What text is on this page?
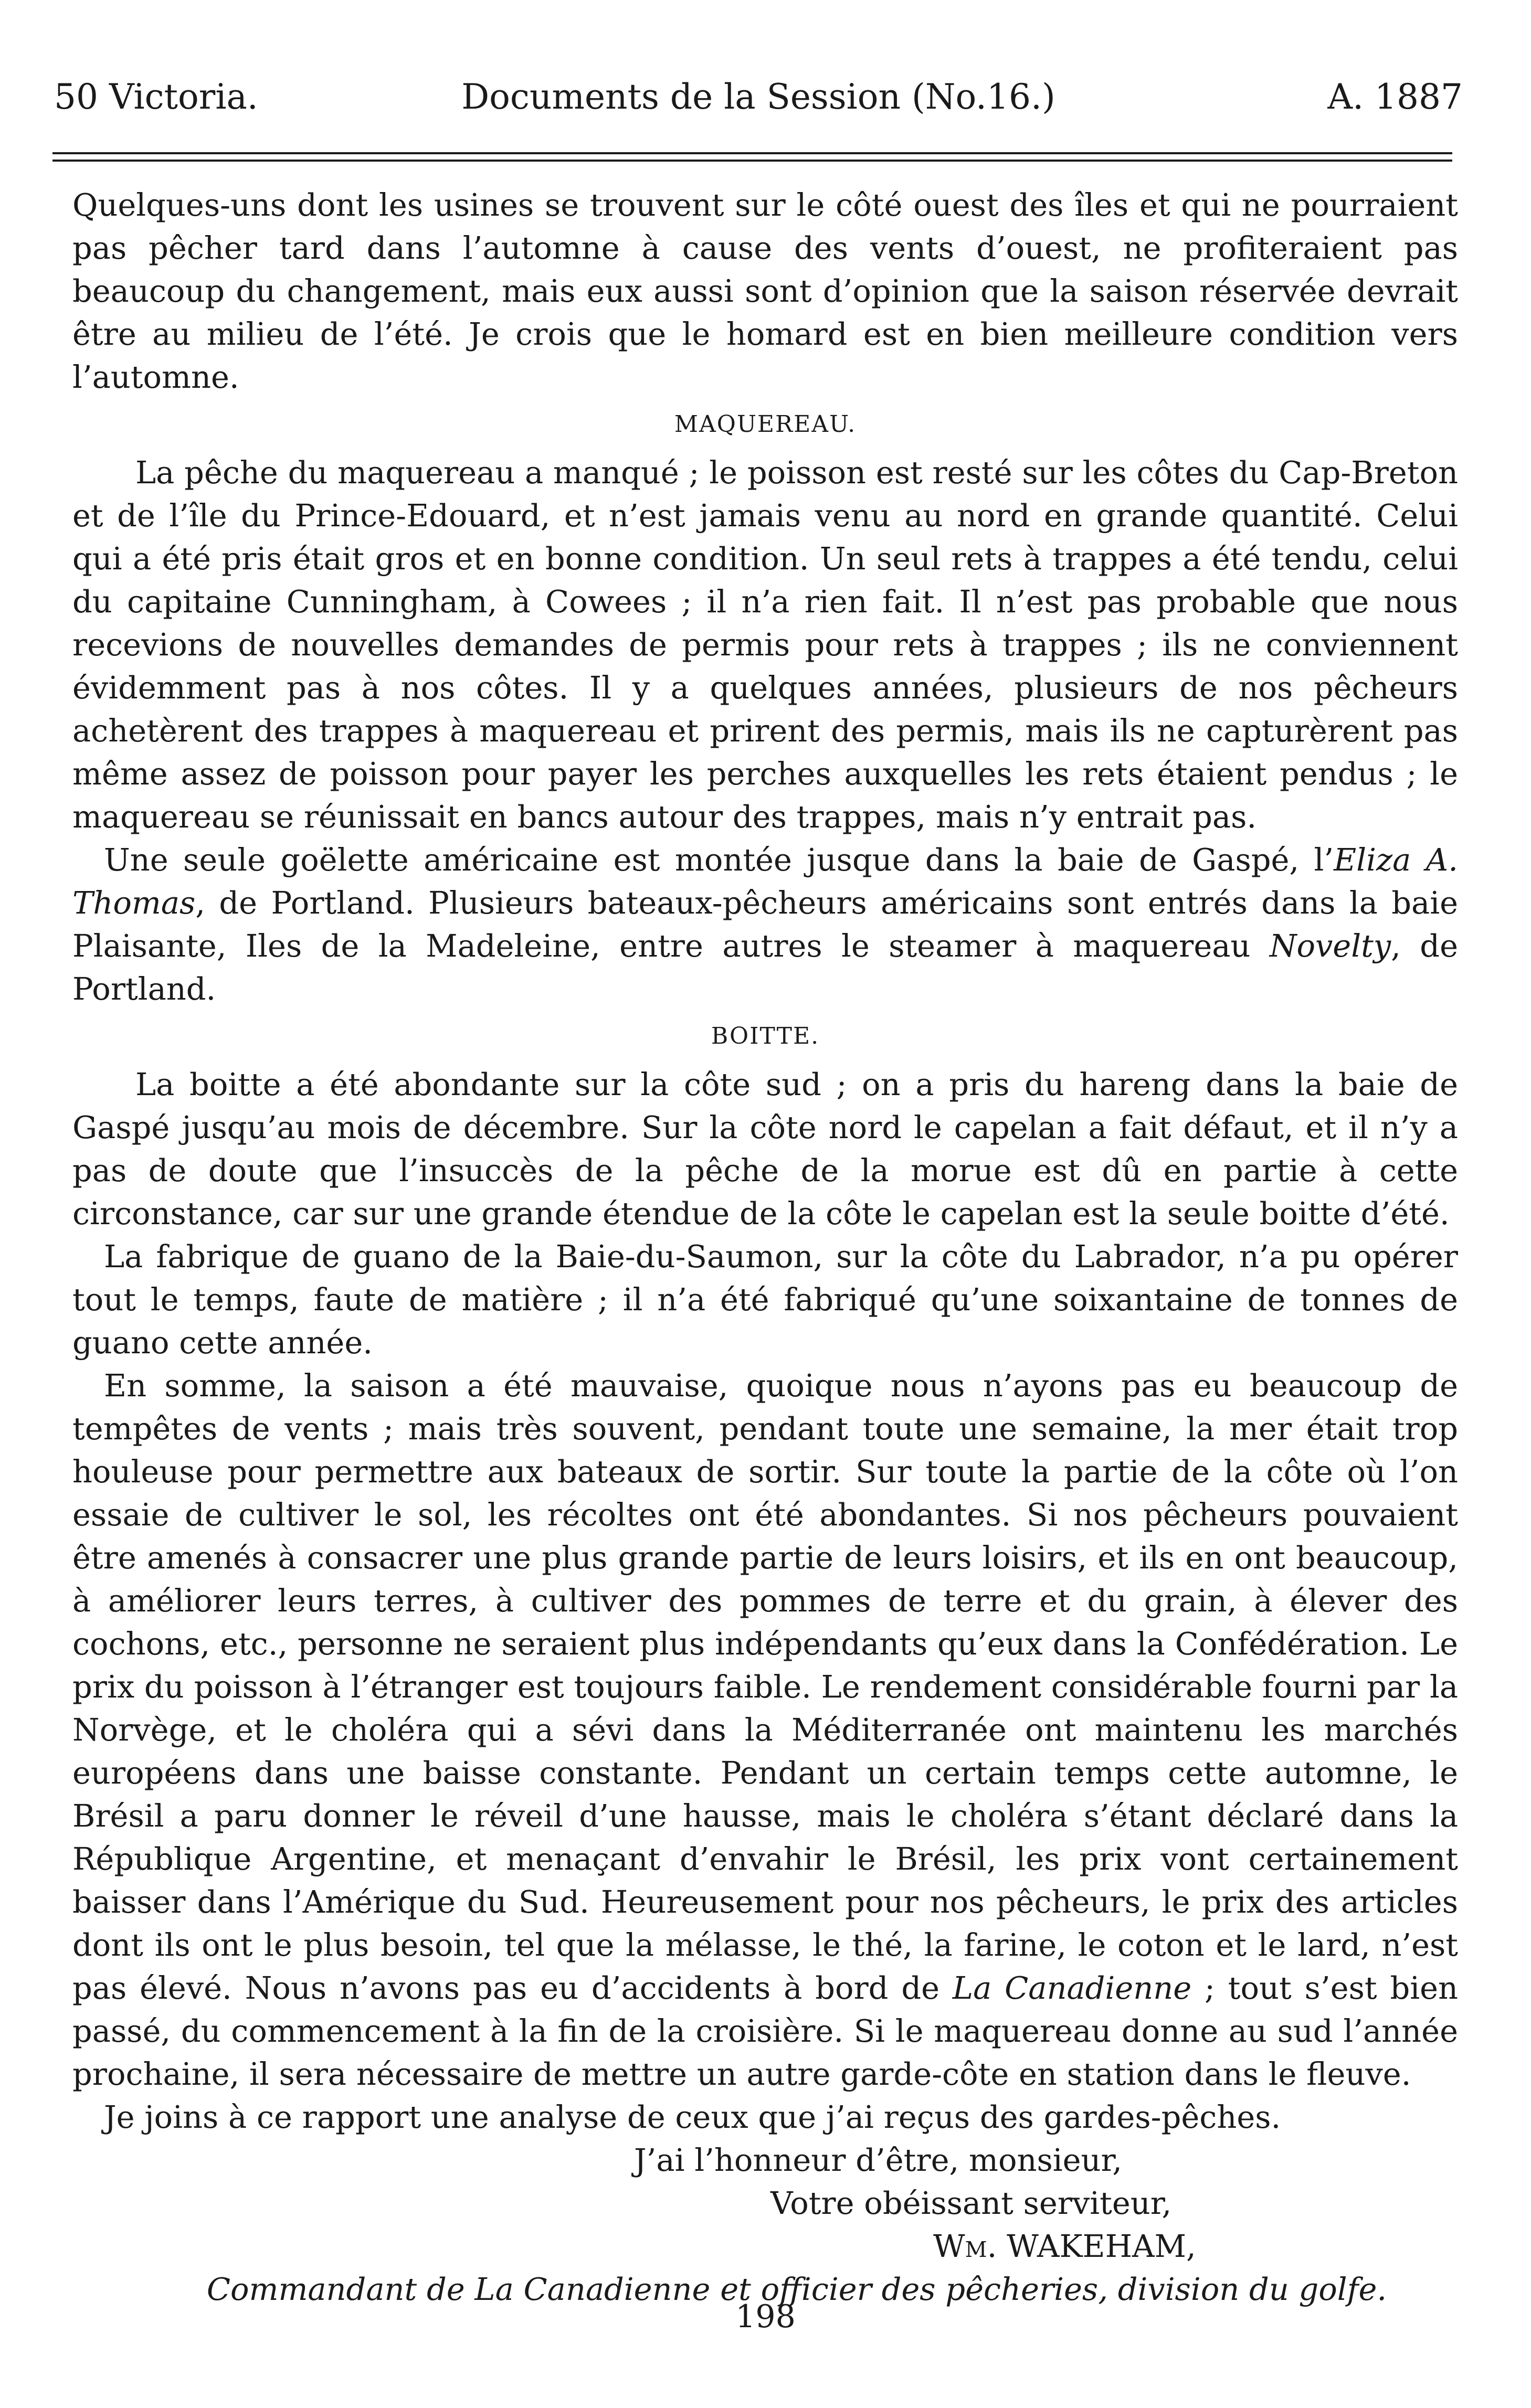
50 Victoria.	Documents de la Session (No.16.)	A. 1887

Quelques-uns dont les usines se trouvent sur le côté ouest des îles et qui ne pourraient pas pêcher tard dans l’automne à cause des vents d’ouest, ne profiteraient pas beaucoup du changement, mais eux aussi sont d’opinion que la saison réservée devrait être au milieu de l’été. Je crois que le homard est en bien meilleure condition vers l’automne.

MAQUEREAU.

La pêche du maquereau a manqué ; le poisson est resté sur les côtes du Cap-Breton et de l’île du Prince-Edouard, et n’est jamais venu au nord en grande quantité. Celui qui a été pris était gros et en bonne condition. Un seul rets à trappes a été tendu, celui du capitaine Cunningham, à Cowees ; il n’a rien fait. Il n’est pas probable que nous recevions de nouvelles demandes de permis pour rets à trappes ; ils ne conviennent évidemment pas à nos côtes. Il y a quelques années, plusieurs de nos pêcheurs achetèrent des trappes à maquereau et prirent des permis, mais ils ne capturèrent pas même assez de poisson pour payer les perches auxquelles les rets étaient pendus ; le maquereau se réunissait en bancs autour des trappes, mais n’y entrait pas.

Une seule goëlette américaine est montée jusque dans la baie de Gaspé, l’Eliza A. Thomas, de Portland. Plusieurs bateaux-pêcheurs américains sont entrés dans la baie Plaisante, Iles de la Madeleine, entre autres le steamer à maquereau Novelty, de Portland.

BOITTE.

La boitte a été abondante sur la côte sud ; on a pris du hareng dans la baie de Gaspé jusqu’au mois de décembre. Sur la côte nord le capelan a fait défaut, et il n’y a pas de doute que l’insuccès de la pêche de la morue est dû en partie à cette circonstance, car sur une grande étendue de la côte le capelan est la seule boitte d’été.

La fabrique de guano de la Baie-du-Saumon, sur la côte du Labrador, n’a pu opérer tout le temps, faute de matière ; il n’a été fabriqué qu’une soixantaine de tonnes de guano cette année.

En somme, la saison a été mauvaise, quoique nous n’ayons pas eu beaucoup de tempêtes de vents ; mais très souvent, pendant toute une semaine, la mer était trop houleuse pour permettre aux bateaux de sortir. Sur toute la partie de la côte où l’on essaie de cultiver le sol, les récoltes ont été abondantes. Si nos pêcheurs pouvaient être amenés à consacrer une plus grande partie de leurs loisirs, et ils en ont beaucoup, à améliorer leurs terres, à cultiver des pommes de terre et du grain, à élever des cochons, etc., personne ne seraient plus indépendants qu’eux dans la Confédération. Le prix du poisson à l’étranger est toujours faible. Le rendement considérable fourni par la Norvège, et le choléra qui a sévi dans la Méditerranée ont maintenu les marchés européens dans une baisse constante. Pendant un certain temps cette automne, le Brésil a paru donner le réveil d’une hausse, mais le choléra s’étant déclaré dans la République Argentine, et menaçant d’envahir le Brésil, les prix vont certainement baisser dans l’Amérique du Sud. Heureusement pour nos pêcheurs, le prix des articles dont ils ont le plus besoin, tel que la mélasse, le thé, la farine, le coton et le lard, n’est pas élevé. Nous n’avons pas eu d’accidents à bord de La Canadienne ; tout s’est bien passé, du commencement à la fin de la croisière. Si le maquereau donne au sud l’année prochaine, il sera nécessaire de mettre un autre garde-côte en station dans le fleuve.

Je joins à ce rapport une analyse de ceux que j’ai reçus des gardes-pêches.

J’ai l’honneur d’être, monsieur,

Votre obéissant serviteur,

Wm. WAKEHAM,

Commandant de La Canadienne et officier des pêcheries, division du golfe.

198
